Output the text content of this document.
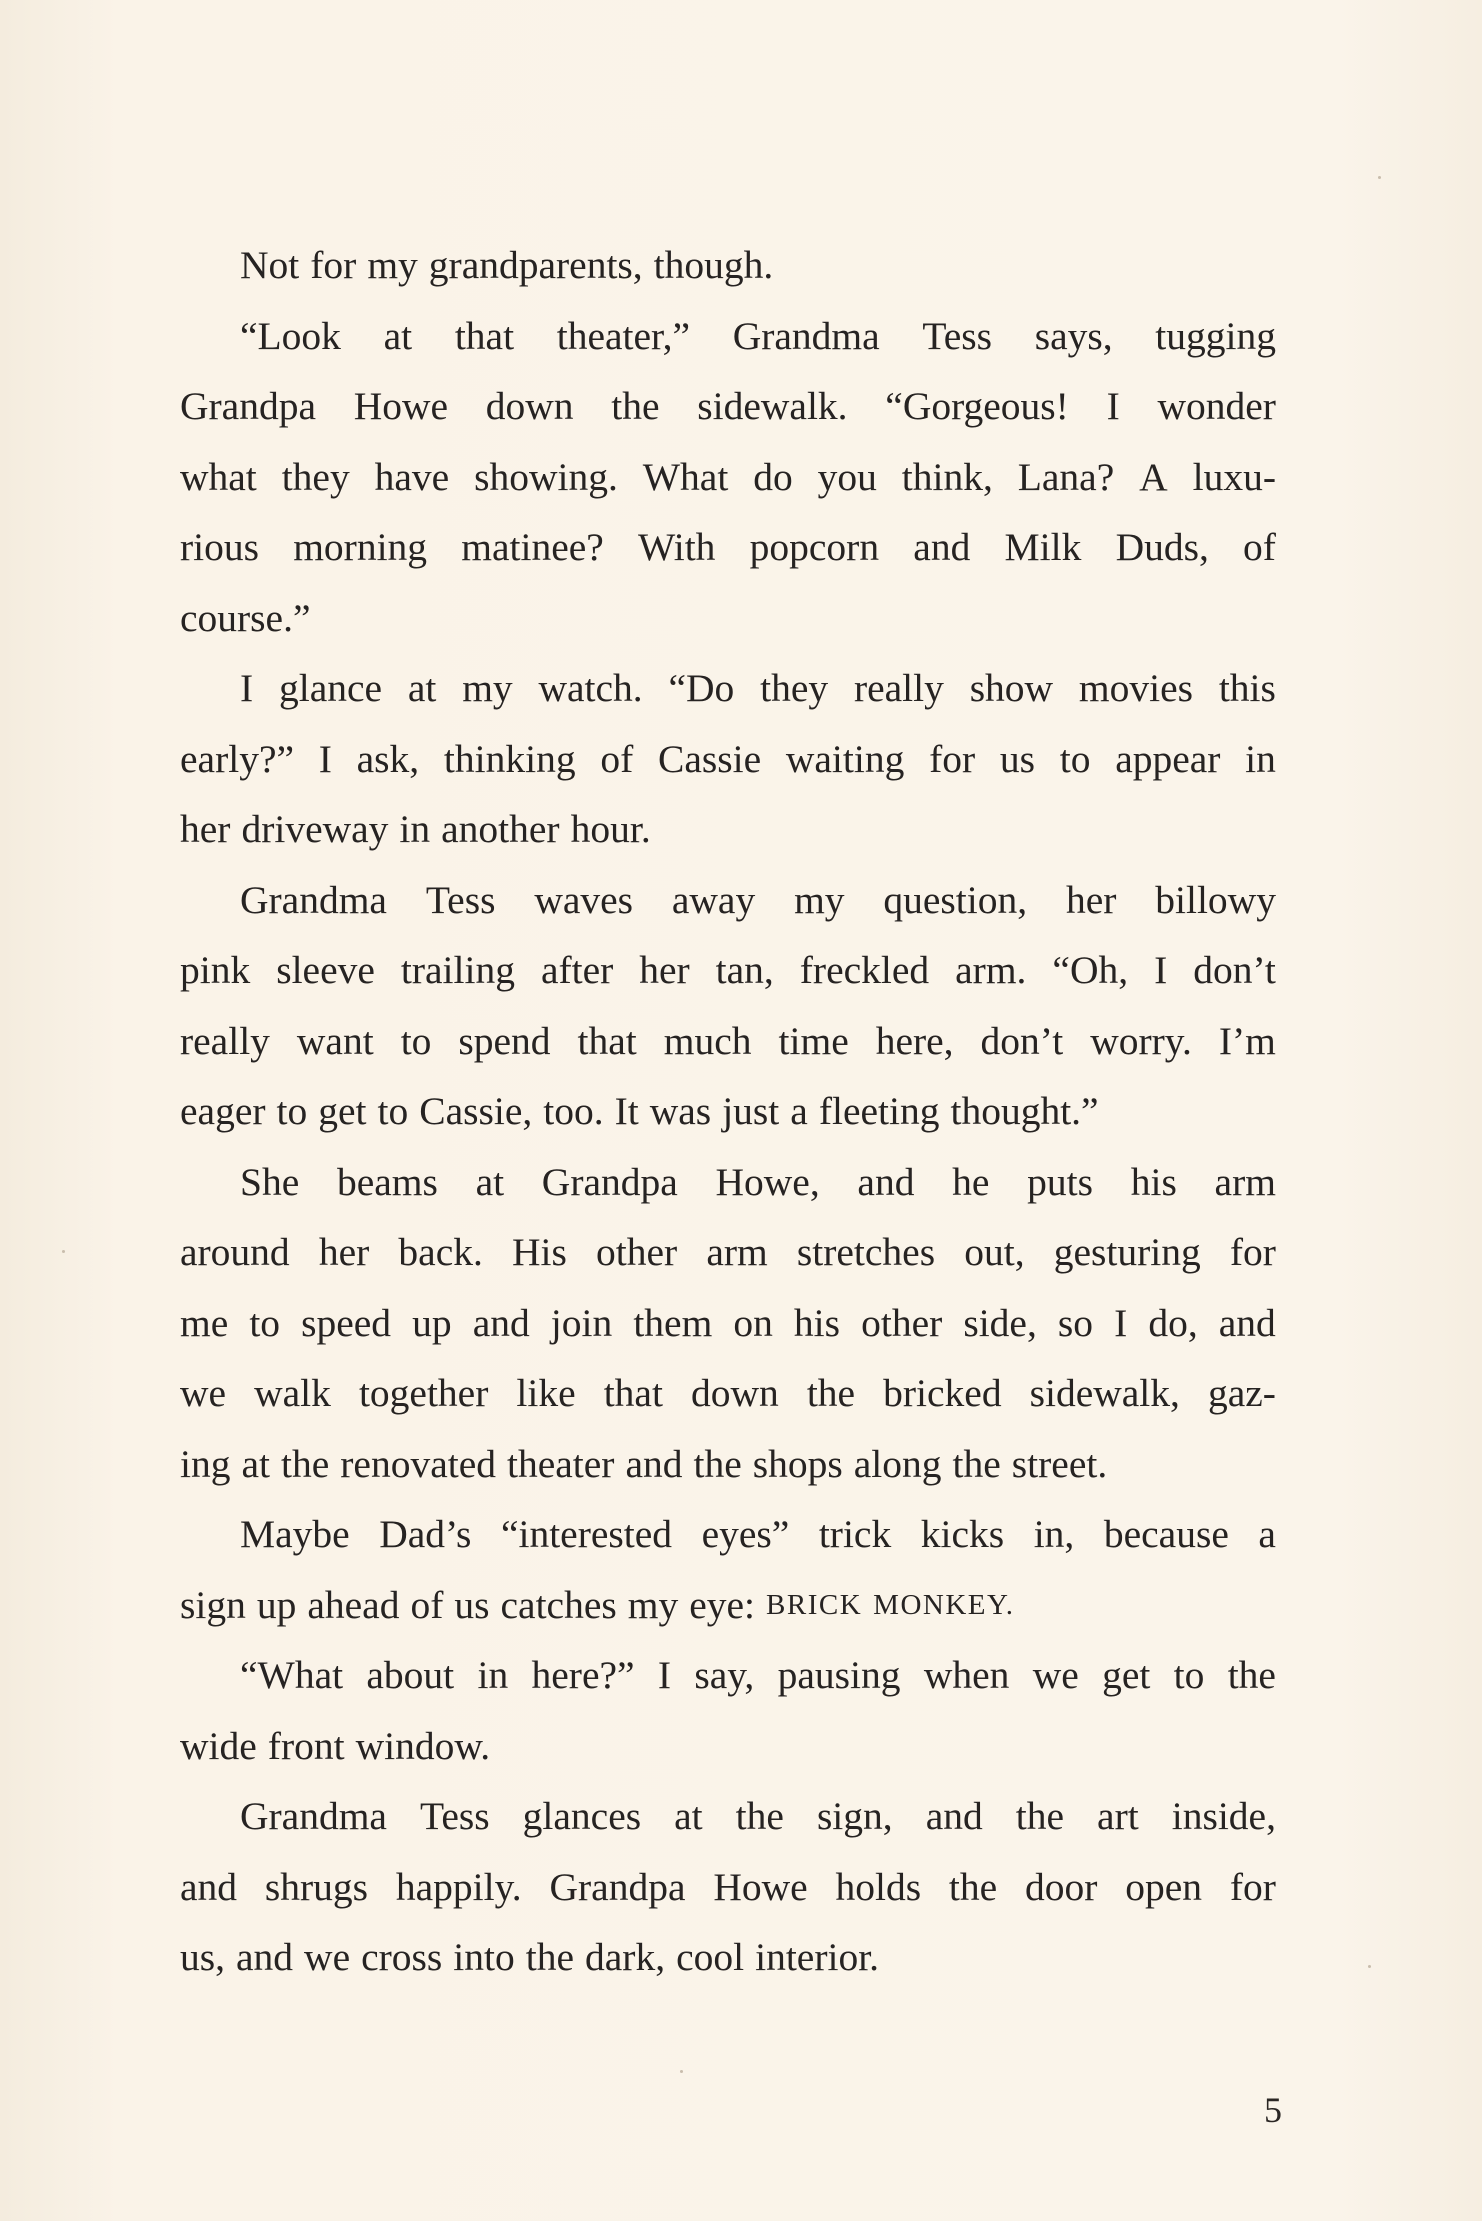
Not for my grandparents, though.
“Look at that theater,” Grandma Tess says, tugging
Grandpa Howe down the sidewalk. “Gorgeous! I wonder
what they have showing. What do you think, Lana? A luxu-
rious morning matinee? With popcorn and Milk Duds, of
course.”
I glance at my watch. “Do they really show movies this
early?” I ask, thinking of Cassie waiting for us to appear in
her driveway in another hour.
Grandma Tess waves away my question, her billowy
pink sleeve trailing after her tan, freckled arm. “Oh, I don’t
really want to spend that much time here, don’t worry. I’m
eager to get to Cassie, too. It was just a fleeting thought.”
She beams at Grandpa Howe, and he puts his arm
around her back. His other arm stretches out, gesturing for
me to speed up and join them on his other side, so I do, and
we walk together like that down the bricked sidewalk, gaz-
ing at the renovated theater and the shops along the street.
Maybe Dad’s “interested eyes” trick kicks in, because a
sign up ahead of us catches my eye: BRICK MONKEY.
“What about in here?” I say, pausing when we get to the
wide front window.
Grandma Tess glances at the sign, and the art inside,
and shrugs happily. Grandpa Howe holds the door open for
us, and we cross into the dark, cool interior.
5
